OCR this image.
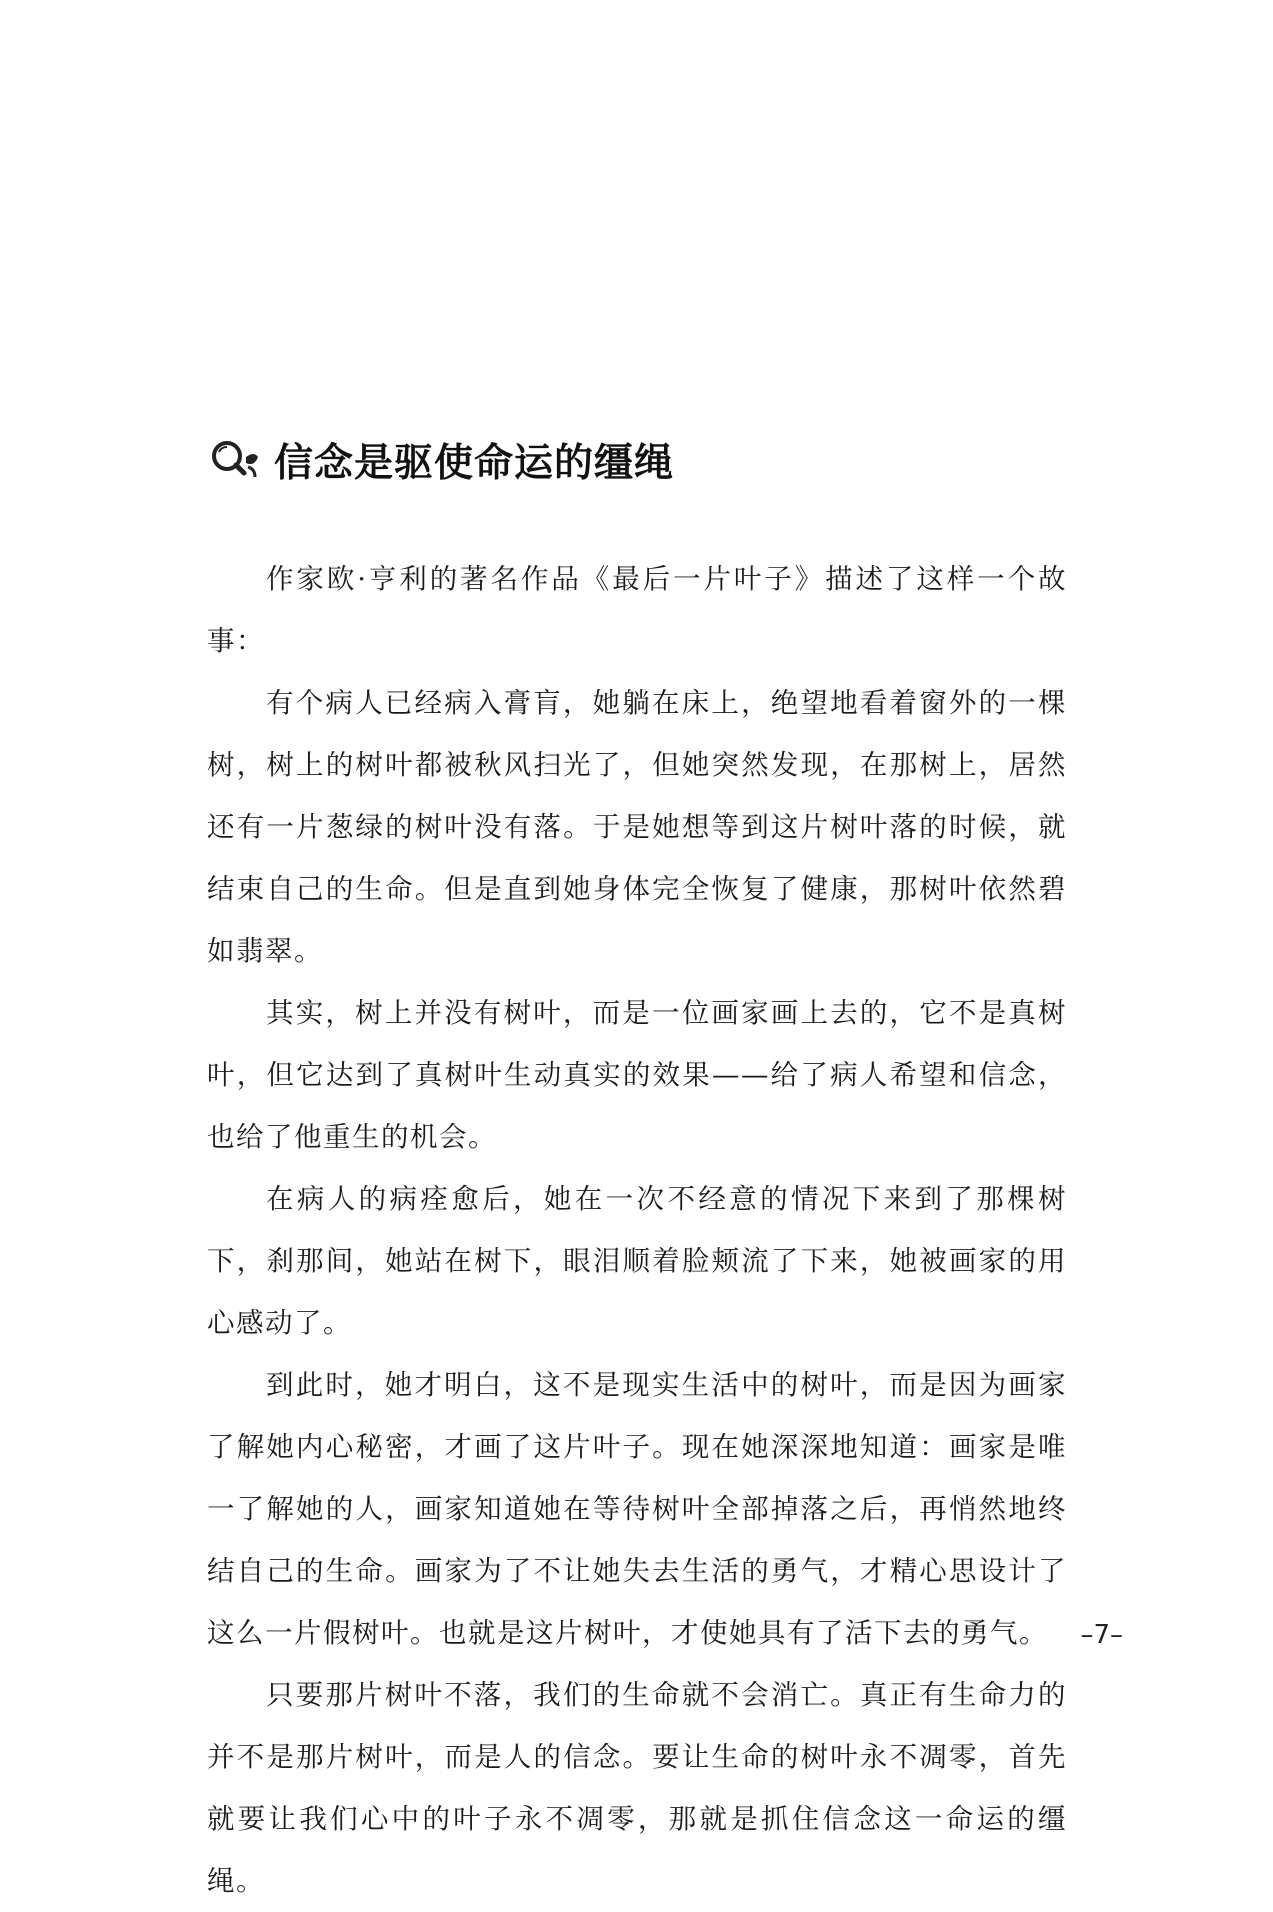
信念是驱使命运的缰绳

作家欧·亨利的著名作品《最后一片叶子》描述了这样一个故事：

有个病人已经病入膏肓，她躺在床上，绝望地看着窗外的一棵树，树上的树叶都被秋风扫光了，但她突然发现，在那树上，居然还有一片葱绿的树叶没有落。于是她想等到这片树叶落的时候，就结束自己的生命。但是直到她身体完全恢复了健康，那树叶依然碧如翡翠。

其实，树上并没有树叶，而是一位画家画上去的，它不是真树叶，但它达到了真树叶生动真实的效果——给了病人希望和信念，也给了他重生的机会。

在病人的病痊愈后，她在一次不经意的情况下来到了那棵树下，刹那间，她站在树下，眼泪顺着脸颊流了下来，她被画家的用心感动了。

到此时，她才明白，这不是现实生活中的树叶，而是因为画家了解她内心秘密，才画了这片叶子。现在她深深地知道：画家是唯一了解她的人，画家知道她在等待树叶全部掉落之后，再悄然地终结自己的生命。画家为了不让她失去生活的勇气，才精心思设计了这么一片假树叶。也就是这片树叶，才使她具有了活下去的勇气。

只要那片树叶不落，我们的生命就不会消亡。真正有生命力的并不是那片树叶，而是人的信念。要让生命的树叶永不凋零，首先就要让我们心中的叶子永不凋零，那就是抓住信念这一命运的缰绳。

–7–
